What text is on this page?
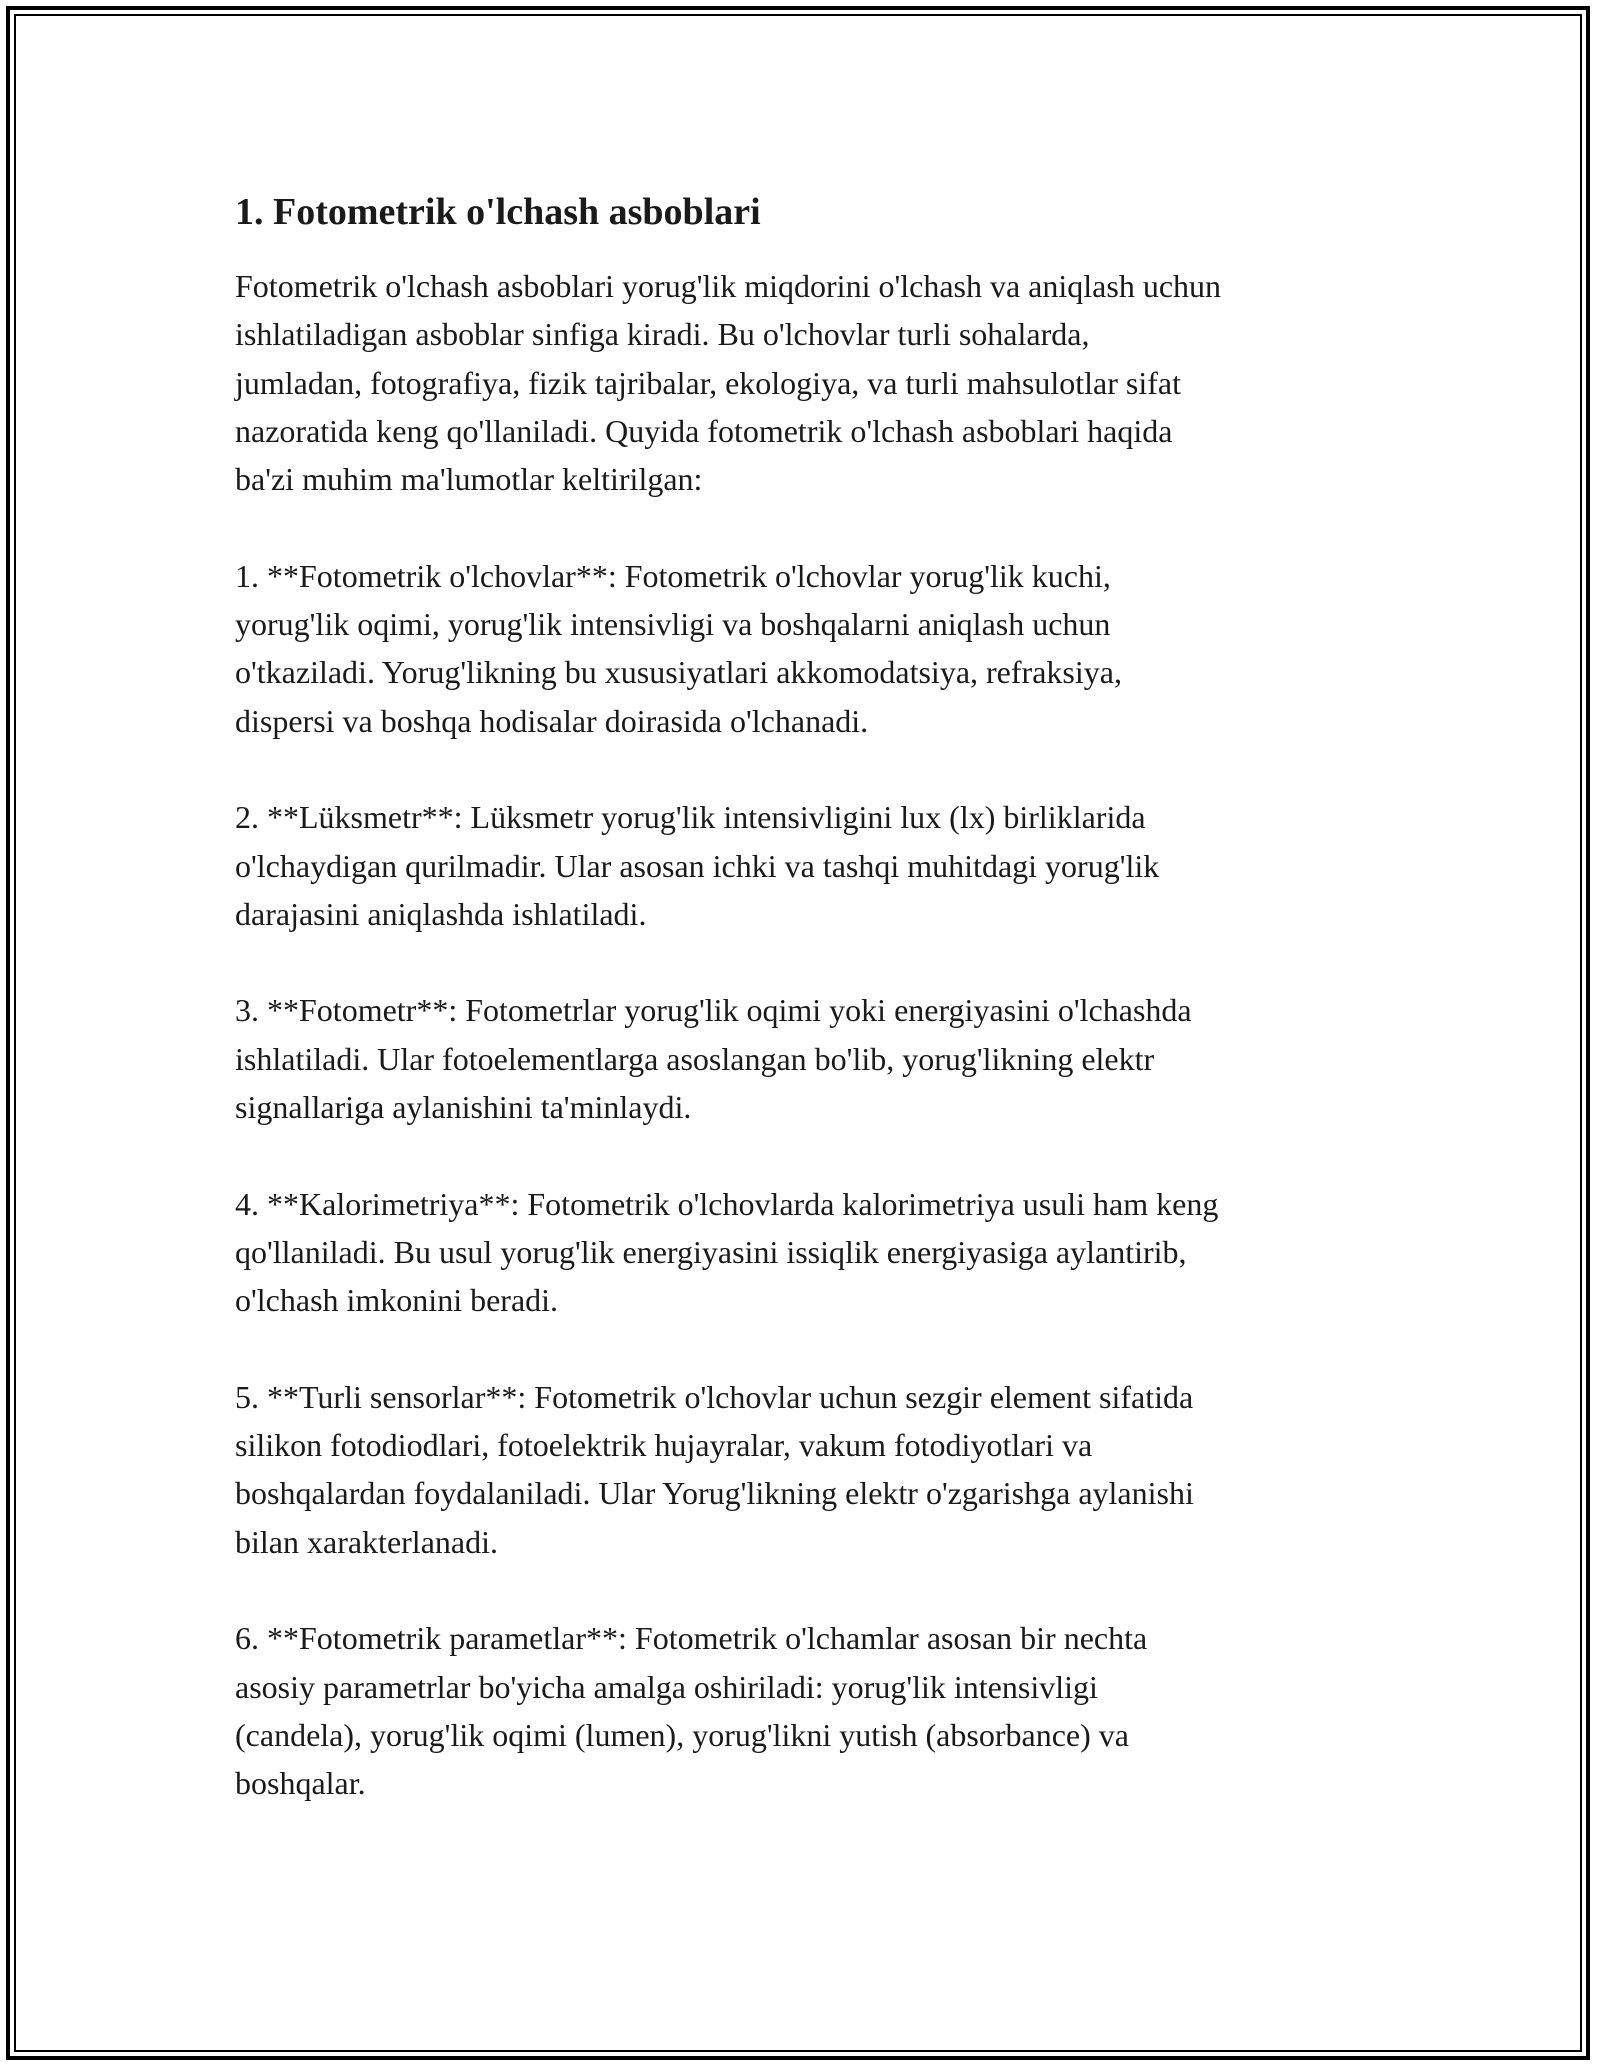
1. Fotometrik o'lchash asboblari

Fotometrik o'lchash asboblari yorug'lik miqdorini o'lchash va aniqlash uchun
ishlatiladigan asboblar sinfiga kiradi. Bu o'lchovlar turli sohalarda,
jumladan, fotografiya, fizik tajribalar, ekologiya, va turli mahsulotlar sifat
nazoratida keng qo'llaniladi. Quyida fotometrik o'lchash asboblari haqida
ba'zi muhim ma'lumotlar keltirilgan:

1. **Fotometrik o'lchovlar**: Fotometrik o'lchovlar yorug'lik kuchi,
yorug'lik oqimi, yorug'lik intensivligi va boshqalarni aniqlash uchun
o'tkaziladi. Yorug'likning bu xususiyatlari akkomodatsiya, refraksiya,
dispersi va boshqa hodisalar doirasida o'lchanadi.

2. **Lüksmetr**: Lüksmetr yorug'lik intensivligini lux (lx) birliklarida
o'lchaydigan qurilmadir. Ular asosan ichki va tashqi muhitdagi yorug'lik
darajasini aniqlashda ishlatiladi.

3. **Fotometr**: Fotometrlar yorug'lik oqimi yoki energiyasini o'lchashda
ishlatiladi. Ular fotoelementlarga asoslangan bo'lib, yorug'likning elektr
signallariga aylanishini ta'minlaydi.

4. **Kalorimetriya**: Fotometrik o'lchovlarda kalorimetriya usuli ham keng
qo'llaniladi. Bu usul yorug'lik energiyasini issiqlik energiyasiga aylantirib,
o'lchash imkonini beradi.

5. **Turli sensorlar**: Fotometrik o'lchovlar uchun sezgir element sifatida
silikon fotodiodlari, fotoelektrik hujayralar, vakum fotodiyotlari va
boshqalardan foydalaniladi. Ular Yorug'likning elektr o'zgarishga aylanishi
bilan xarakterlanadi.

6. **Fotometrik parametlar**: Fotometrik o'lchamlar asosan bir nechta
asosiy parametrlar bo'yicha amalga oshiriladi: yorug'lik intensivligi
(candela), yorug'lik oqimi (lumen), yorug'likni yutish (absorbance) va
boshqalar.
